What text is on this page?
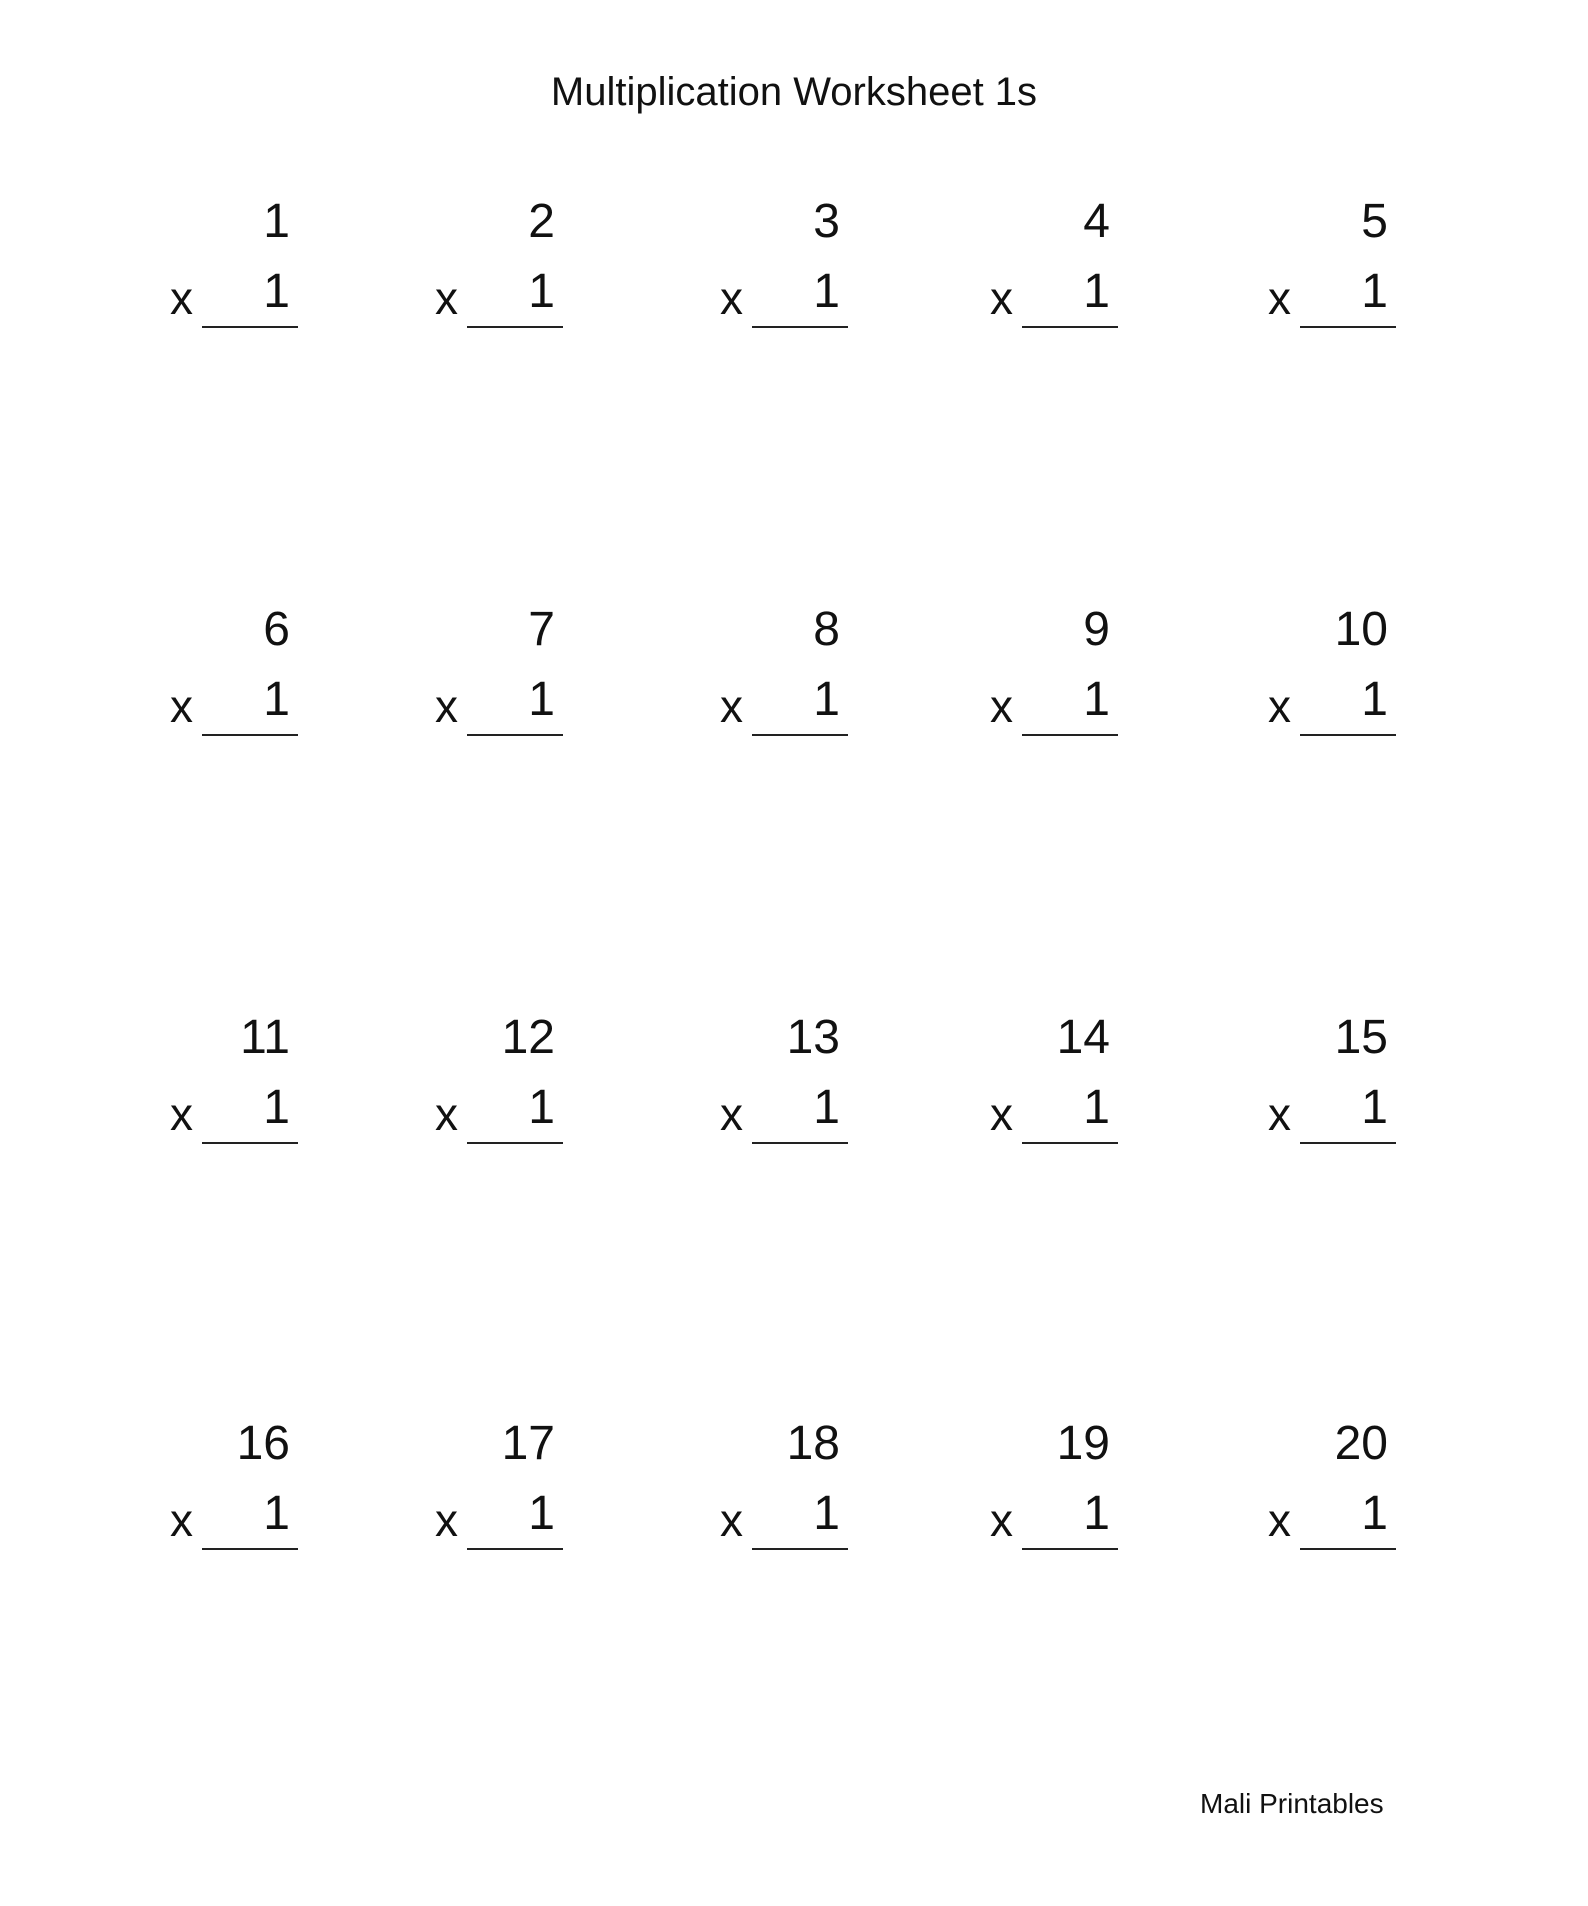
Multiplication Worksheet 1s
1
x 1
2
x 1
3
x 1
4
x 1
5
x 1
6
x 1
7
x 1
8
x 1
9
x 1
10
x 1
11
x 1
12
x 1
13
x 1
14
x 1
15
x 1
16
x 1
17
x 1
18
x 1
19
x 1
20
x 1
Mali Printables
